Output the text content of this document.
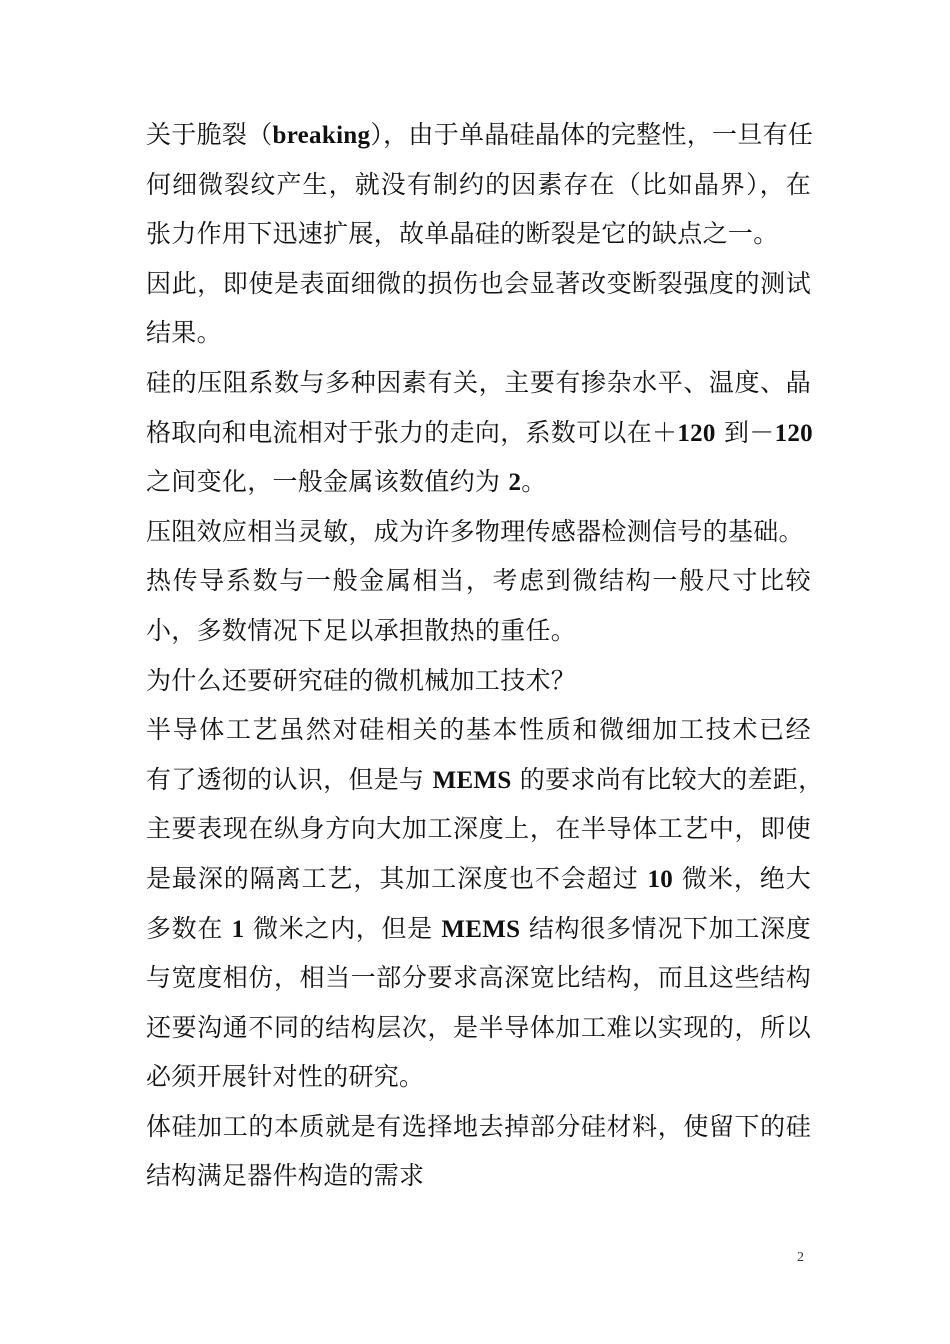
关于脆裂（breaking），由于单晶硅晶体的完整性，一旦有任
何细微裂纹产生，就没有制约的因素存在（比如晶界），在
张力作用下迅速扩展，故单晶硅的断裂是它的缺点之一。
因此，即使是表面细微的损伤也会显著改变断裂强度的测试
结果。
硅的压阻系数与多种因素有关，主要有掺杂水平、温度、晶
格取向和电流相对于张力的走向，系数可以在＋120 到－120
之间变化，一般金属该数值约为 2。
压阻效应相当灵敏，成为许多物理传感器检测信号的基础。
热传导系数与一般金属相当，考虑到微结构一般尺寸比较
小，多数情况下足以承担散热的重任。
为什么还要研究硅的微机械加工技术？
半导体工艺虽然对硅相关的基本性质和微细加工技术已经
有了透彻的认识，但是与 MEMS 的要求尚有比较大的差距，
主要表现在纵身方向大加工深度上，在半导体工艺中，即使
是最深的隔离工艺，其加工深度也不会超过 10 微米，绝大
多数在 1 微米之内，但是 MEMS 结构很多情况下加工深度
与宽度相仿，相当一部分要求高深宽比结构，而且这些结构
还要沟通不同的结构层次，是半导体加工难以实现的，所以
必须开展针对性的研究。
体硅加工的本质就是有选择地去掉部分硅材料，使留下的硅
结构满足器件构造的需求
2
